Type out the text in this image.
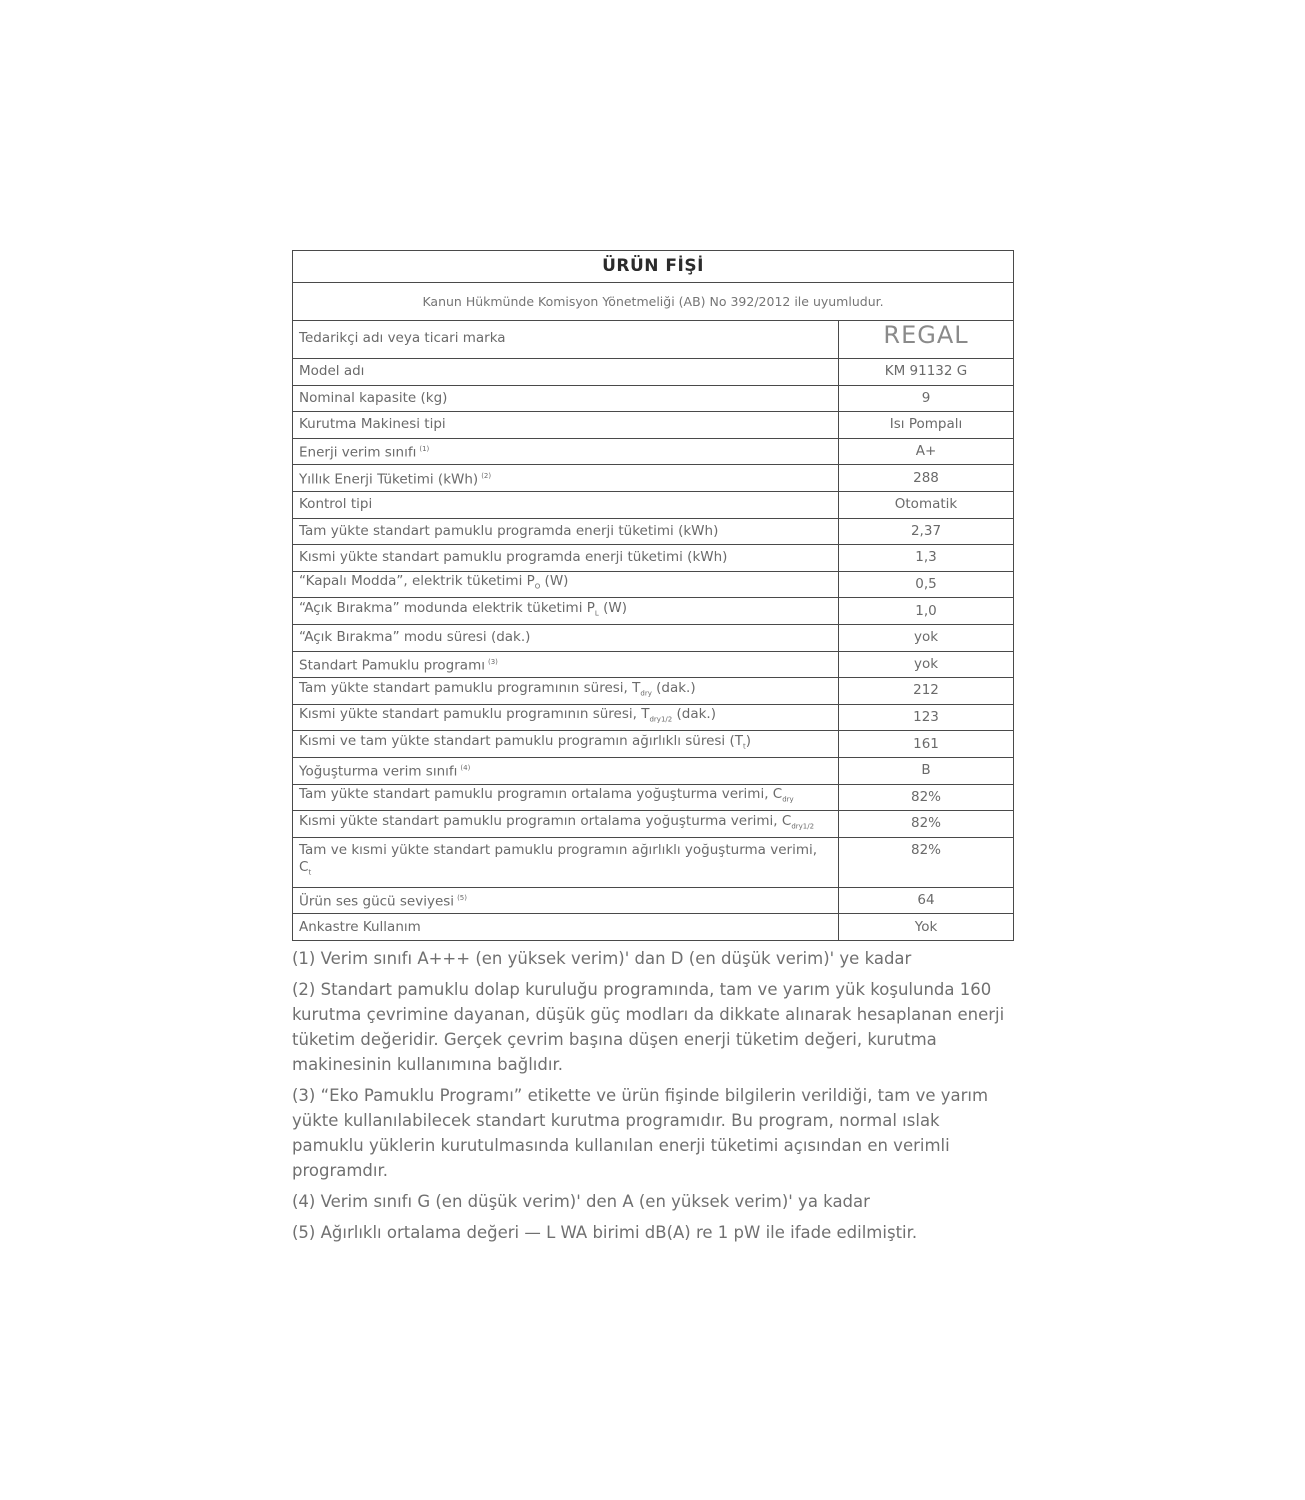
ÜRÜN FİŞİ	
Kanun Hükmünde Komisyon Yönetmeliği (AB) No 392/2012 ile uyumludur.	
Tedarikçi adı veya ticari marka	REGAL
Model adı	KM 91132 G
Nominal kapasite (kg)	9
Kurutma Makinesi tipi	Isı Pompalı
Enerji verim sınıfı $^{(1)}$	A+
Yıllık Enerji Tüketimi (kWh) $^{(2)}$	288
Kontrol tipi	Otomatik
Tam yükte standart pamuklu programda enerji tüketimi (kWh)	2,37
Kısmi yükte standart pamuklu programda enerji tüketimi (kWh)	1,3
“Kapalı Modda”, elektrik tüketimi $P_O$ (W)	0,5
“Açık Bırakma” modunda elektrik tüketimi $P_L$ (W)	1,0
“Açık Bırakma” modu süresi (dak.)	yok
Standart Pamuklu programı $^{(3)}$	yok
Tam yükte standart pamuklu programının süresi, $T_{dry}$ (dak.)	212
Kısmi yükte standart pamuklu programının süresi, $T_{dry1/2}$ (dak.)	123
Kısmi ve tam yükte standart pamuklu programın ağırlıklı süresi $(T_t)$	161
Yoğuşturma verim sınıfı $^{(4)}$	B
Tam yükte standart pamuklu programın ortalama yoğuşturma verimi, $C_{dry}$	82%
Kısmi yükte standart pamuklu programın ortalama yoğuşturma verimi, $C_{dry1/2}$	82%
Tam ve kısmi yükte standart pamuklu programın ağırlıklı yoğuşturma verimi, $C_t$	82%
Ürün ses gücü seviyesi $^{(5)}$	64
Ankastre Kullanım	Yok

(1) Verim sınıfı A+++ (en yüksek verim)' dan D (en düşük verim)' ye kadar

(2) Standart pamuklu dolap kuruluğu programında, tam ve yarım yük koşulunda 160 kurutma çevrimine dayanan, düşük güç modları da dikkate alınarak hesaplanan enerji tüketim değeridir. Gerçek çevrim başına düşen enerji tüketim değeri, kurutma makinesinin kullanımına bağlıdır.

(3) “Eko Pamuklu Programı” etikette ve ürün fişinde bilgilerin verildiği, tam ve yarım yükte kullanılabilecek standart kurutma programıdır. Bu program, normal ıslak pamuklu yüklerin kurutulmasında kullanılan enerji tüketimi açısından en verimli programdır.

(4) Verim sınıfı G (en düşük verim)' den A (en yüksek verim)' ya kadar

(5) Ağırlıklı ortalama değeri — L WA birimi dB(A) re 1 pW ile ifade edilmiştir.
